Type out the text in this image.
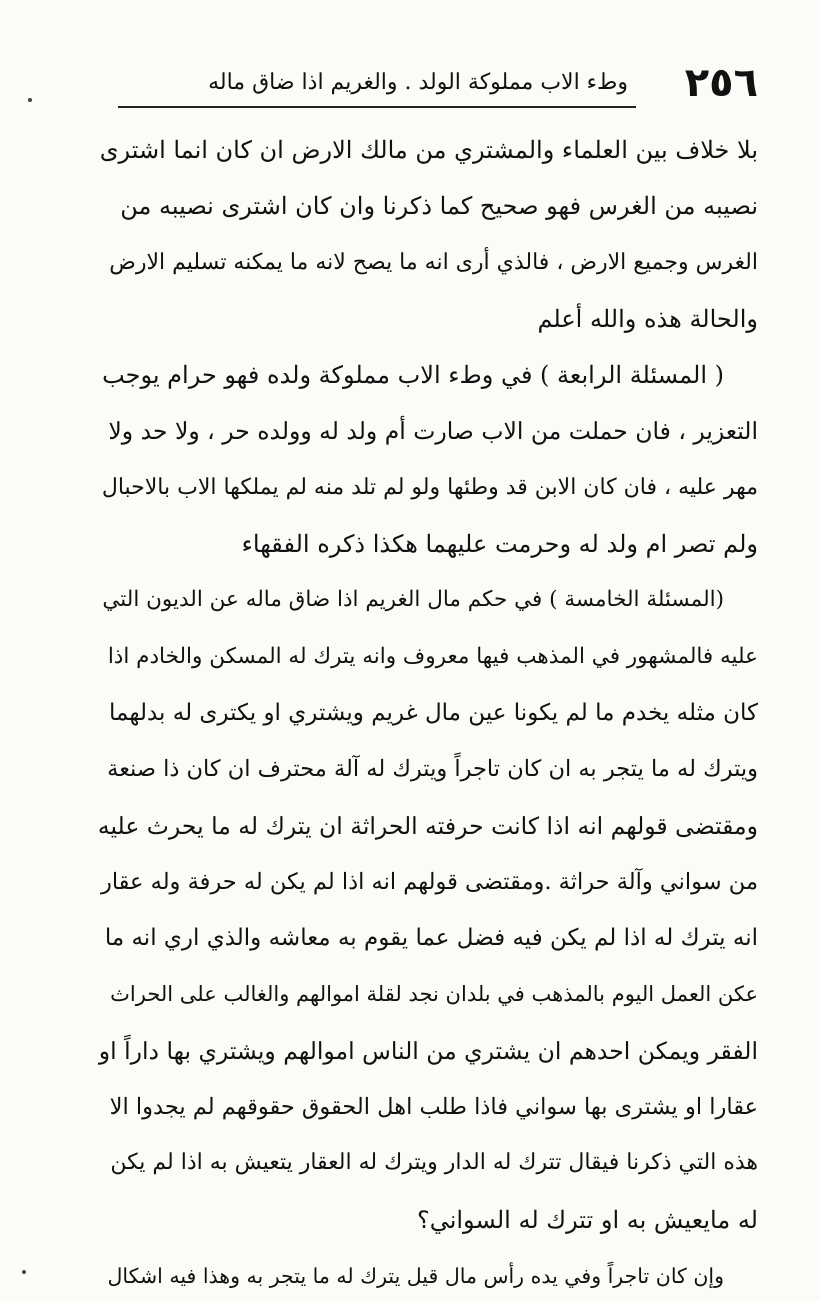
٢٥٦
وطء الاب مملوكة الولد . والغريم اذا ضاق ماله
بلا خلاف بين العلماء والمشتري من مالك الارض ان كان انما اشترى
نصيبه من الغرس فهو صحيح كما ذكرنا وان كان اشترى نصيبه من
الغرس وجميع الارض ، فالذي أرى انه ما يصح لانه ما يمكنه تسليم الارض
والحالة هذه والله أعلم
( المسئلة الرابعة ) في وطء الاب مملوكة ولده فهو حرام يوجب
التعزير ، فان حملت من الاب صارت أم ولد له وولده حر ، ولا حد ولا
مهر عليه ، فان كان الابن قد وطئها ولو لم تلد منه لم يملكها الاب بالاحبال
ولم تصر ام ولد له وحرمت عليهما هكذا ذكره الفقهاء
(المسئلة الخامسة ) في حكم مال الغريم اذا ضاق ماله عن الديون التي
عليه فالمشهور في المذهب فيها معروف وانه يترك له المسكن والخادم اذا
كان مثله يخدم ما لم يكونا عين مال غريم ويشتري او يكترى له بدلهما
ويترك له ما يتجر به ان كان تاجراً ويترك له آلة محترف ان كان ذا صنعة
ومقتضى قولهم انه اذا كانت حرفته الحراثة ان يترك له ما يحرث عليه
من سواني وآلة حراثة .ومقتضى قولهم انه اذا لم يكن له حرفة وله عقار
انه يترك له اذا لم يكن فيه فضل عما يقوم به معاشه والذي اري انه ما
عكن العمل اليوم بالمذهب في بلدان نجد لقلة اموالهم والغالب على الحراث
الفقر ويمكن احدهم ان يشتري من الناس اموالهم ويشتري بها داراً او
عقارا او يشترى بها سواني فاذا طلب اهل الحقوق حقوقهم لم يجدوا الا
هذه التي ذكرنا فيقال تترك له الدار ويترك له العقار يتعيش به اذا لم يكن
له مايعيش به او تترك له السواني؟
وإن كان تاجراً وفي يده رأس مال قيل يترك له ما يتجر به وهذا فيه اشكال
